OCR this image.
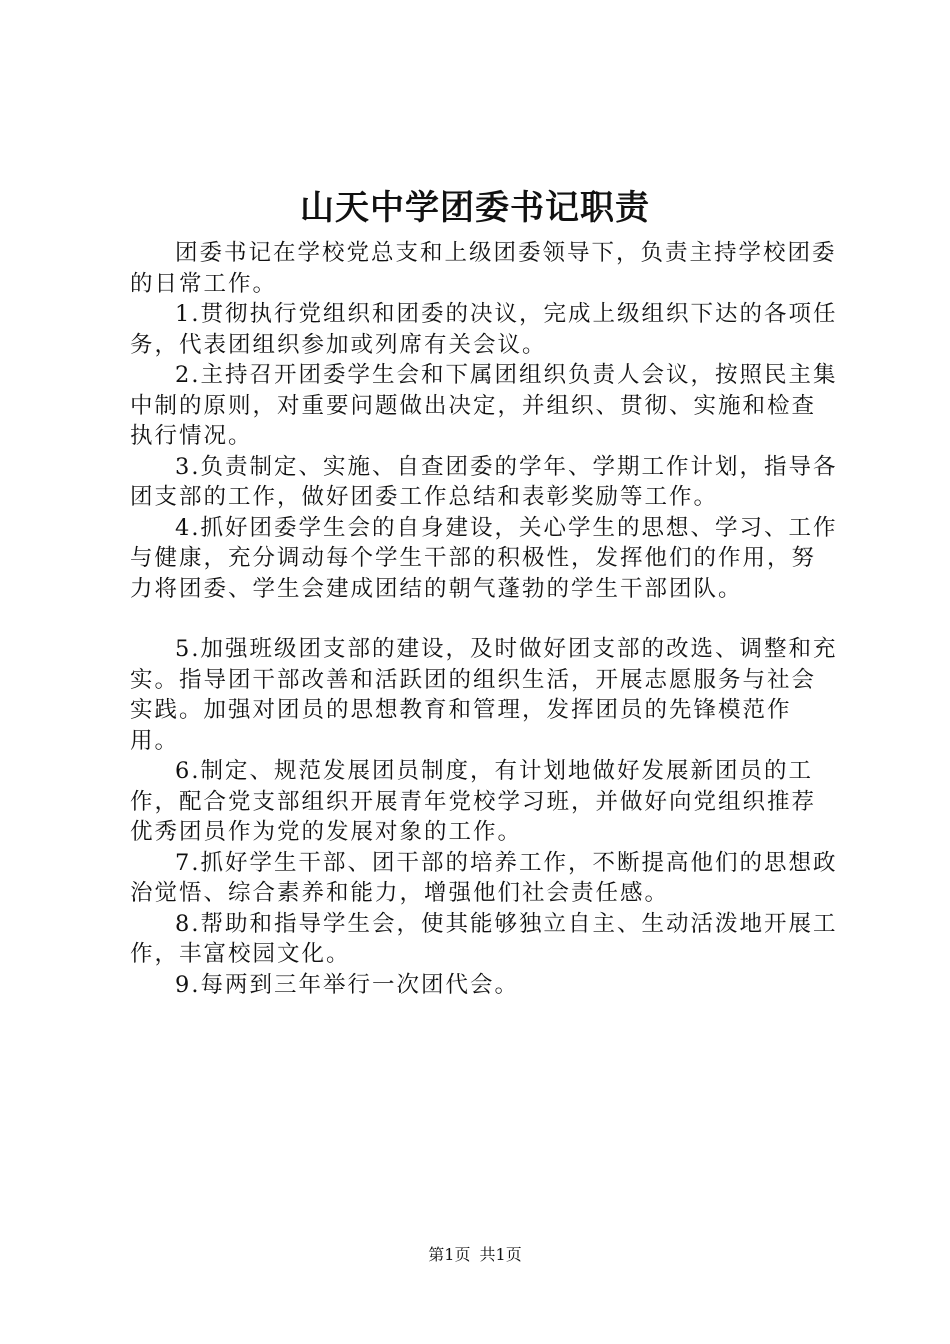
山天中学团委书记职责

团委书记在学校党总支和上级团委领导下，负责主持学校团委的日常工作。

1.贯彻执行党组织和团委的决议，完成上级组织下达的各项任务，代表团组织参加或列席有关会议。

2.主持召开团委学生会和下属团组织负责人会议，按照民主集中制的原则，对重要问题做出决定，并组织、贯彻、实施和检查执行情况。

3.负责制定、实施、自查团委的学年、学期工作计划，指导各团支部的工作，做好团委工作总结和表彰奖励等工作。

4.抓好团委学生会的自身建设，关心学生的思想、学习、工作与健康，充分调动每个学生干部的积极性，发挥他们的作用，努力将团委、学生会建成团结的朝气蓬勃的学生干部团队。

5.加强班级团支部的建设，及时做好团支部的改选、调整和充实。指导团干部改善和活跃团的组织生活，开展志愿服务与社会实践。加强对团员的思想教育和管理，发挥团员的先锋模范作用。

6.制定、规范发展团员制度，有计划地做好发展新团员的工作，配合党支部组织开展青年党校学习班，并做好向党组织推荐优秀团员作为党的发展对象的工作。

7.抓好学生干部、团干部的培养工作，不断提高他们的思想政治觉悟、综合素养和能力，增强他们社会责任感。

8.帮助和指导学生会，使其能够独立自主、生动活泼地开展工作，丰富校园文化。

9.每两到三年举行一次团代会。

第1页 共1页
